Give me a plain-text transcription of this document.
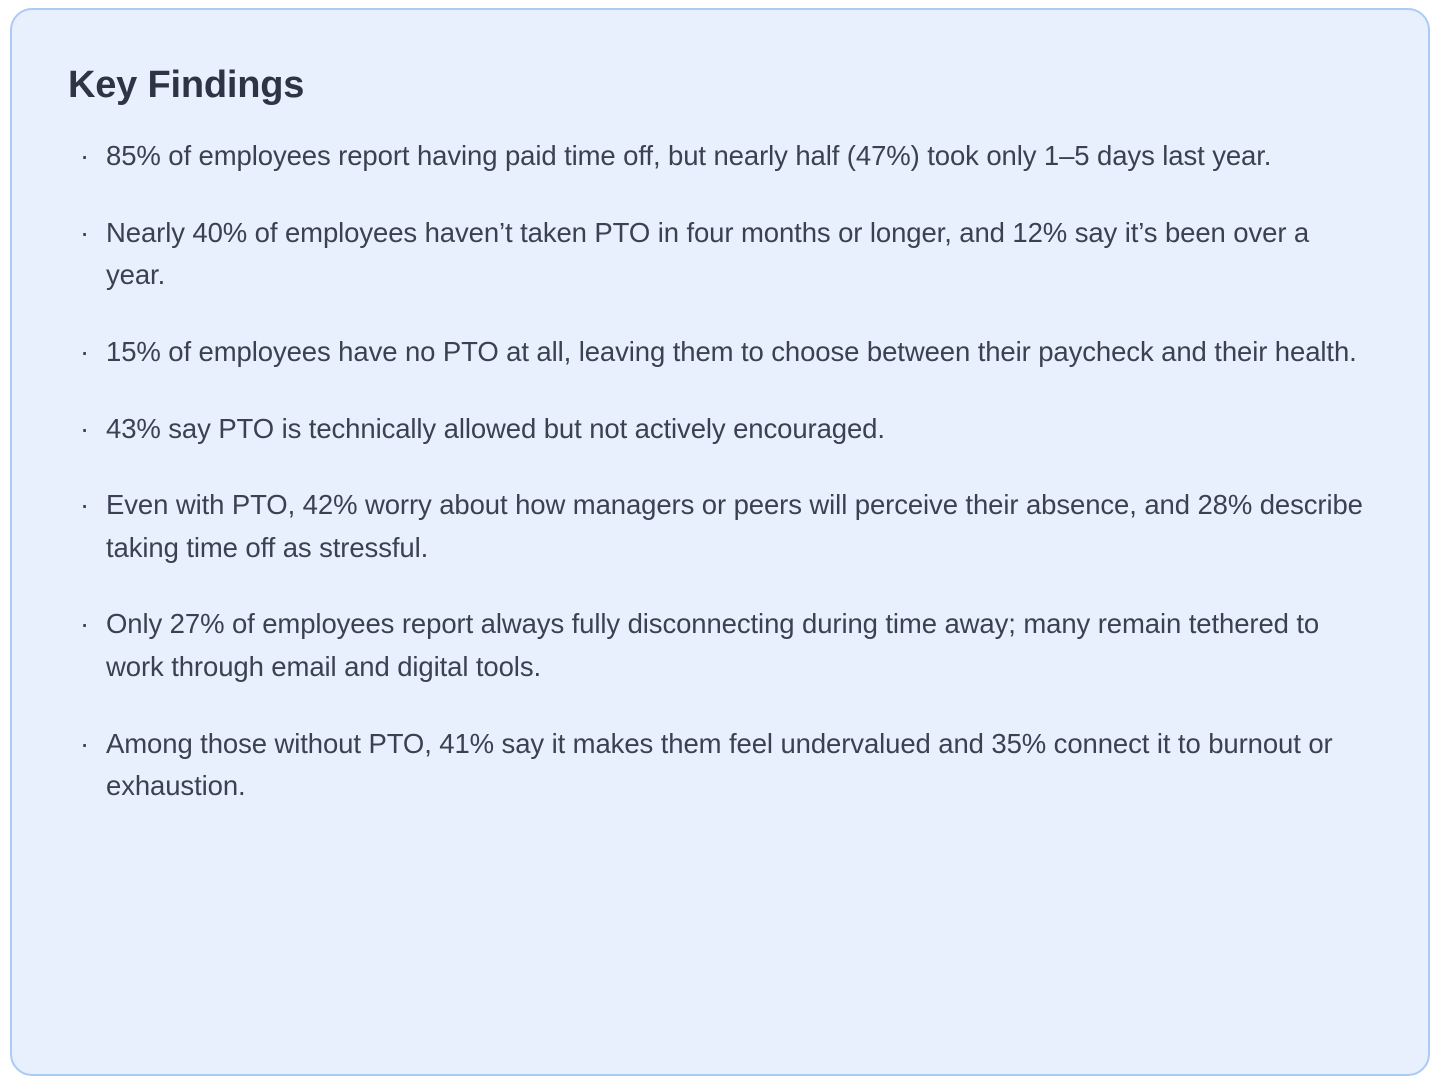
Key Findings
· 85% of employees report having paid time off, but nearly half (47%) took only 1–5 days last year.
· Nearly 40% of employees haven’t taken PTO in four months or longer, and 12% say it’s been over a year.
· 15% of employees have no PTO at all, leaving them to choose between their paycheck and their health.
· 43% say PTO is technically allowed but not actively encouraged.
· Even with PTO, 42% worry about how managers or peers will perceive their absence, and 28% describe taking time off as stressful.
· Only 27% of employees report always fully disconnecting during time away; many remain tethered to work through email and digital tools.
· Among those without PTO, 41% say it makes them feel undervalued and 35% connect it to burnout or exhaustion.
